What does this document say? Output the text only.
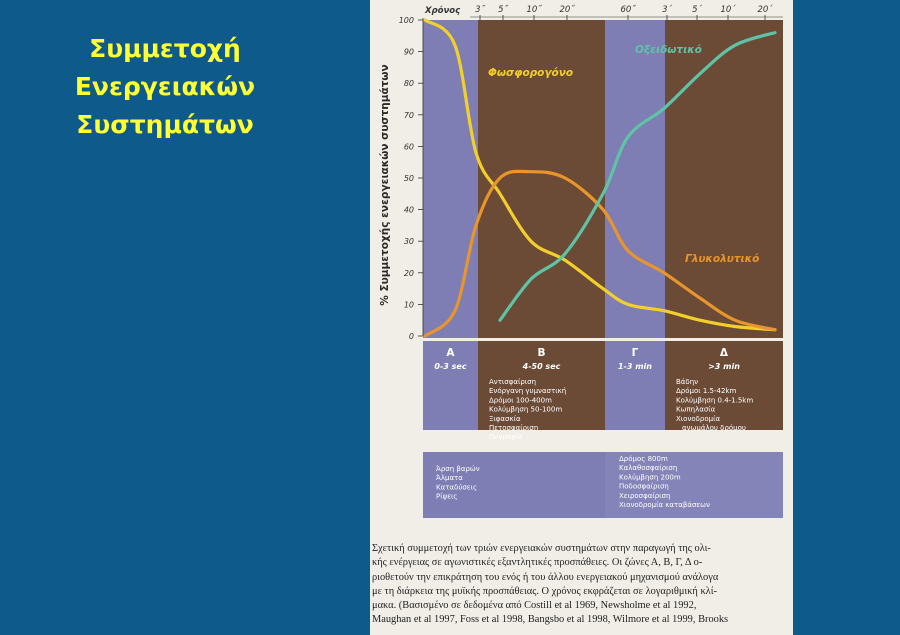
Συμμετοχή
Ενεργειακών
Συστημάτων
0
10
20
30
40
50
60
70
80
90
100
% Συμμετοχής ενεργειακών συστημάτων
Χρόνος 3˝ 5˝ 10˝ 20˝	60˝	3΄ 5΄ 10΄	20΄
Φωσφορογόνο
Γλυκολυτικό
Οξειδωτικό
Α
0-3 sec
Β
4-50 sec
Αντισφαίριση
Ενόργανη γυμναστική
Δρόμοι 100-400m
Κολύμβηση 50-100m
Ξιφασκία
Πετοσφαίριση
Πυγμαχία
Γ
1-3 min
Δ
>3 min
Βάδην
Δρόμοι 1.5-42km
Κολύμβηση 0.4-1.5km
Κωπηλασία
Χιονοδρομία
ανωμάλου δρόμου
Άρση βαρών
Άλματα
Καταδύσεις
Ρίψεις
Δρόμος 800m
Καλαθοσφαίριση
Κολύμβηση 200m
Ποδοσφαίριση
Χειροσφαίριση
Χιονοδρομία καταβάσεων
Σχετική συμμετοχή των τριών ενεργειακών συστημάτων στην παραγωγή της ολι-
κής ενέργειας σε αγωνιστικές εξαντλητικές προσπάθειες. Οι ζώνες Α, Β, Γ, Δ ο-
ριοθετούν την επικράτηση του ενός ή του άλλου ενεργειακού μηχανισμού ανάλογα
με τη διάρκεια της μυϊκής προσπάθειας. Ο χρόνος εκφράζεται σε λογαριθμική κλί-
μακα. (Βασισμένο σε δεδομένα από Costill et al 1969, Newsholme et al 1992,
Maughan et al 1997, Foss et al 1998, Bangsbo et al 1998, Wilmore et al 1999, Brooks
